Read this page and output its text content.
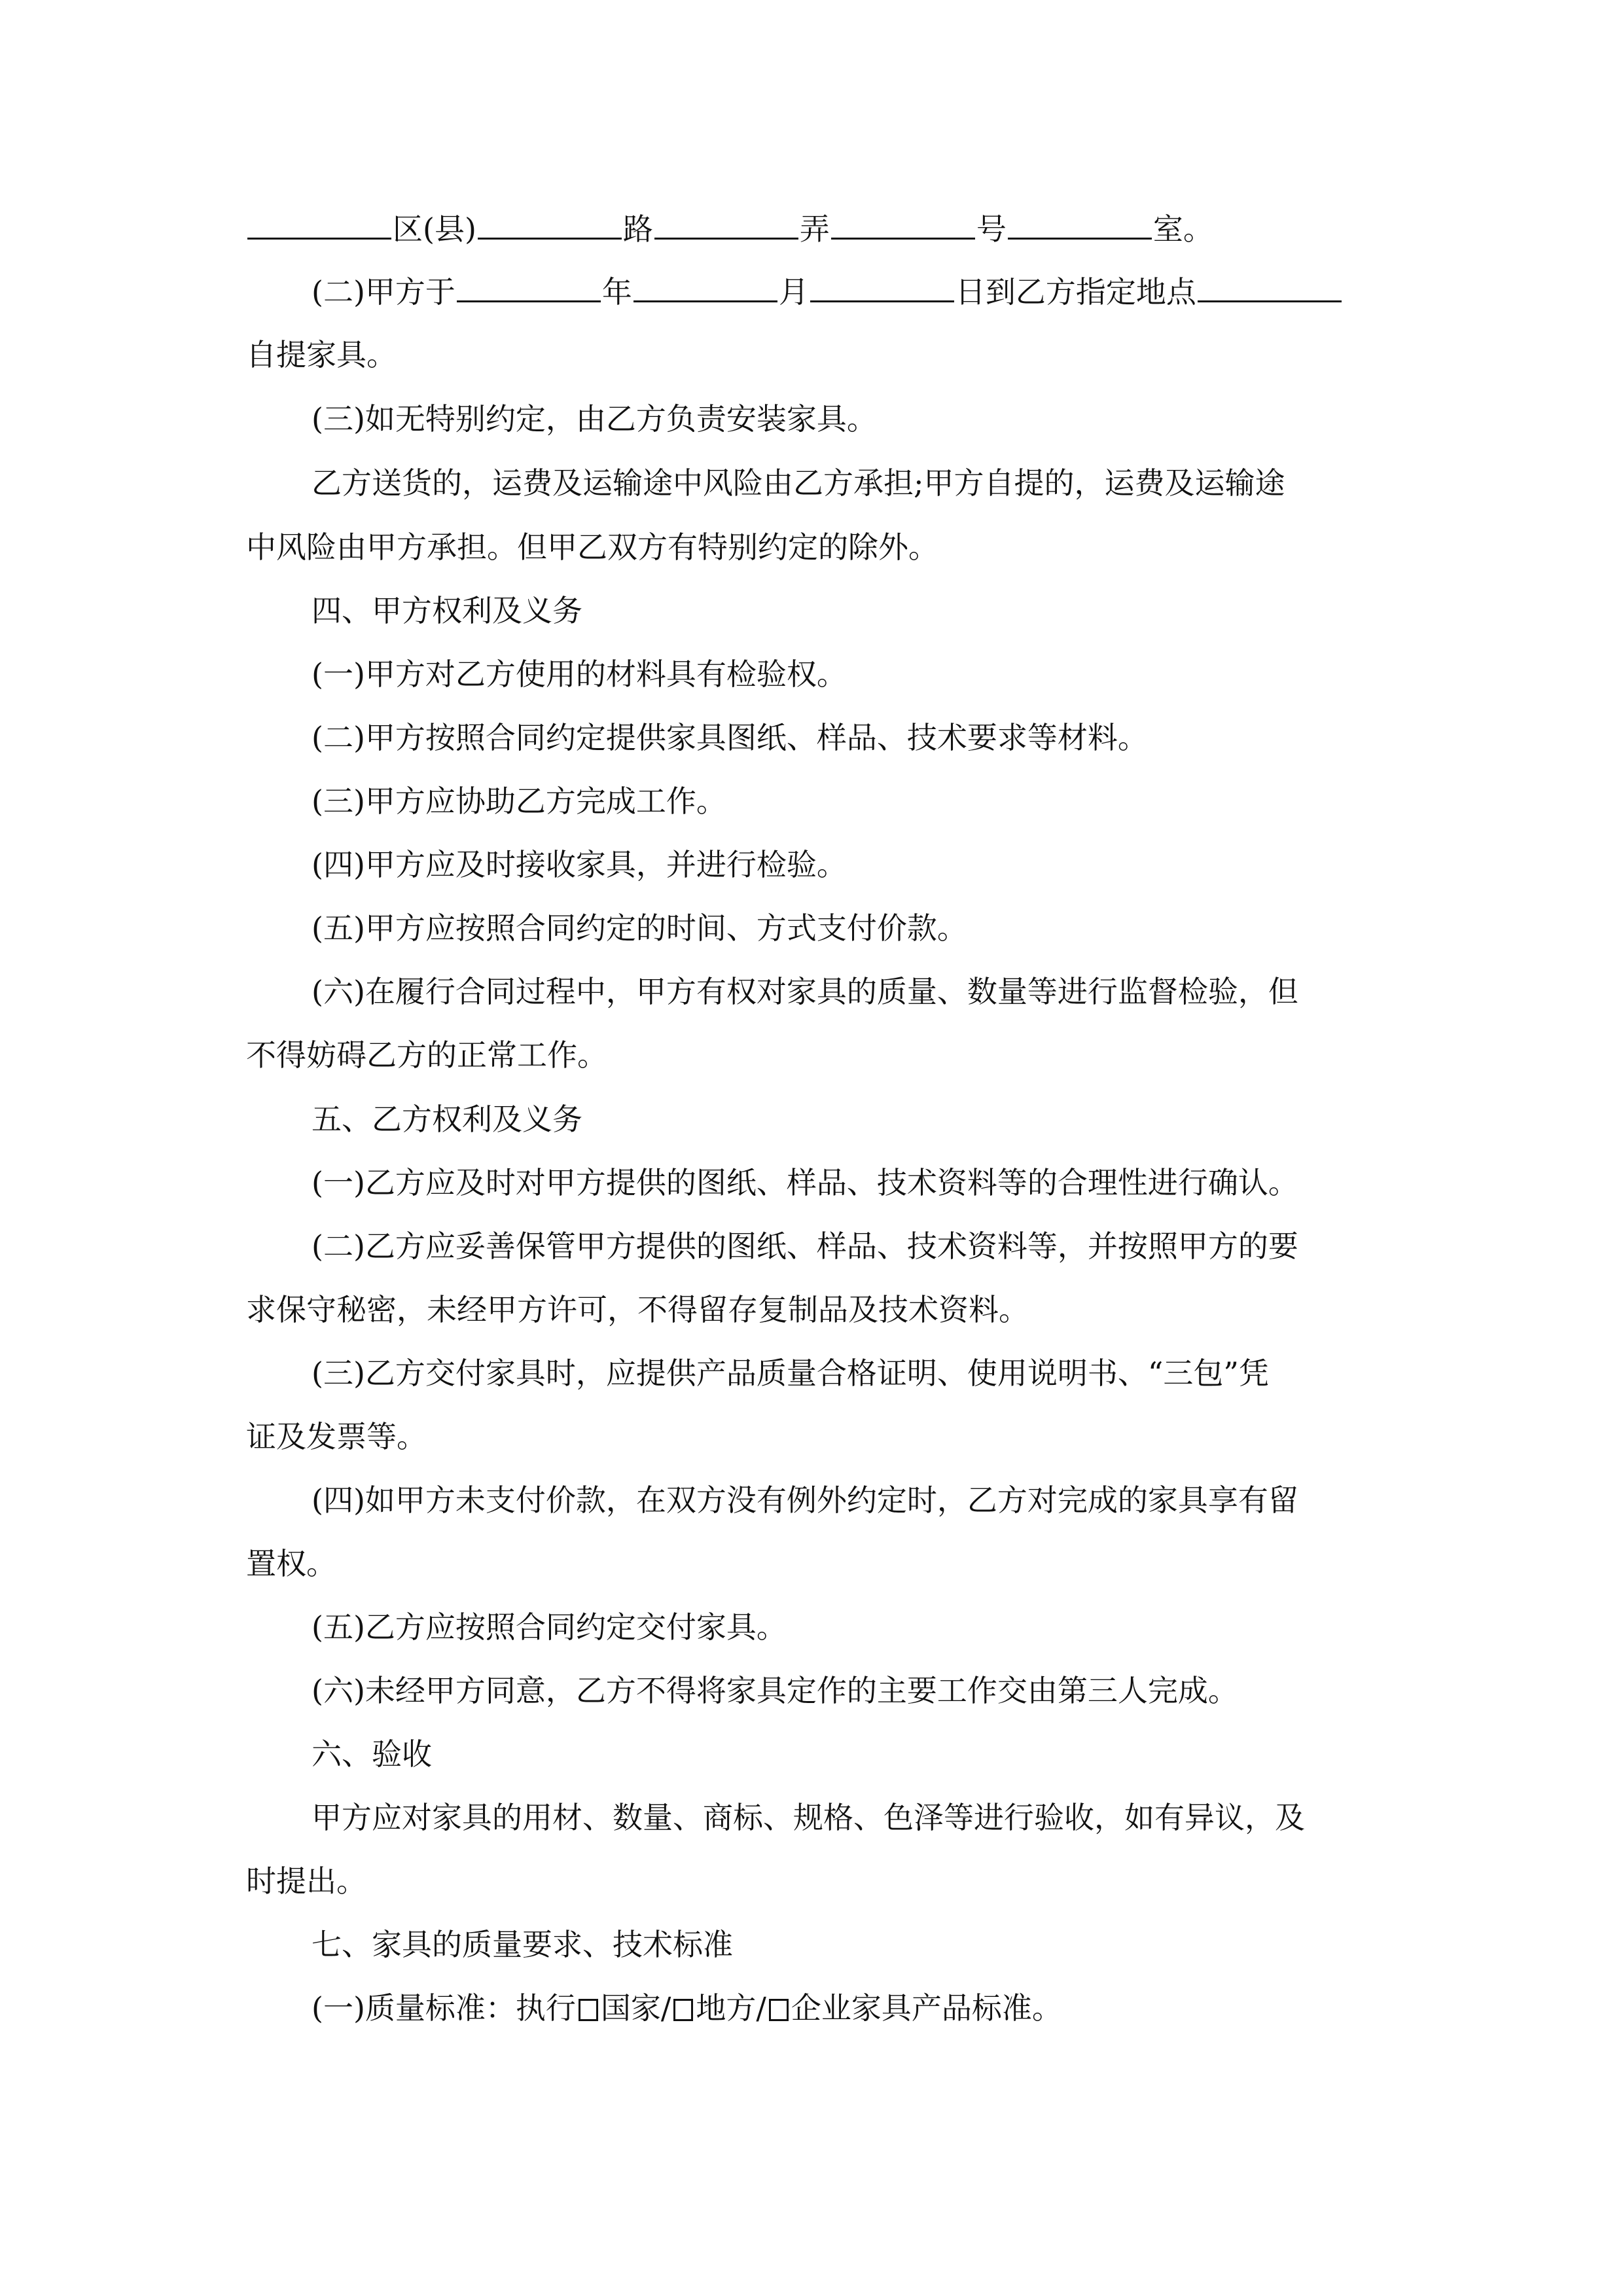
区(县)	路	弄	号	室。
(二)甲方于	年	月	日到乙方指定地点
自提家具。
(三)如无特别约定，由乙方负责安装家具。
乙方送货的，运费及运输途中风险由乙方承担;甲方自提的，运费及运输途
中风险由甲方承担。但甲乙双方有特别约定的除外。
四、甲方权利及义务
(一)甲方对乙方使用的材料具有检验权。
(二)甲方按照合同约定提供家具图纸、样品、技术要求等材料。
(三)甲方应协助乙方完成工作。
(四)甲方应及时接收家具，并进行检验。
(五)甲方应按照合同约定的时间、方式支付价款。
(六)在履行合同过程中，甲方有权对家具的质量、数量等进行监督检验，但
不得妨碍乙方的正常工作。
五、乙方权利及义务
(一)乙方应及时对甲方提供的图纸、样品、技术资料等的合理性进行确认。
(二)乙方应妥善保管甲方提供的图纸、样品、技术资料等，并按照甲方的要
求保守秘密，未经甲方许可，不得留存复制品及技术资料。
(三)乙方交付家具时，应提供产品质量合格证明、使用说明书、“三包”凭
证及发票等。
(四)如甲方未支付价款，在双方没有例外约定时，乙方对完成的家具享有留
置权。
(五)乙方应按照合同约定交付家具。
(六)未经甲方同意，乙方不得将家具定作的主要工作交由第三人完成。
六、验收
甲方应对家具的用材、数量、商标、规格、色泽等进行验收，如有异议，及
时提出。
七、家具的质量要求、技术标准
(一)质量标准：执行 国家/ 地方/ 企业家具产品标准。
